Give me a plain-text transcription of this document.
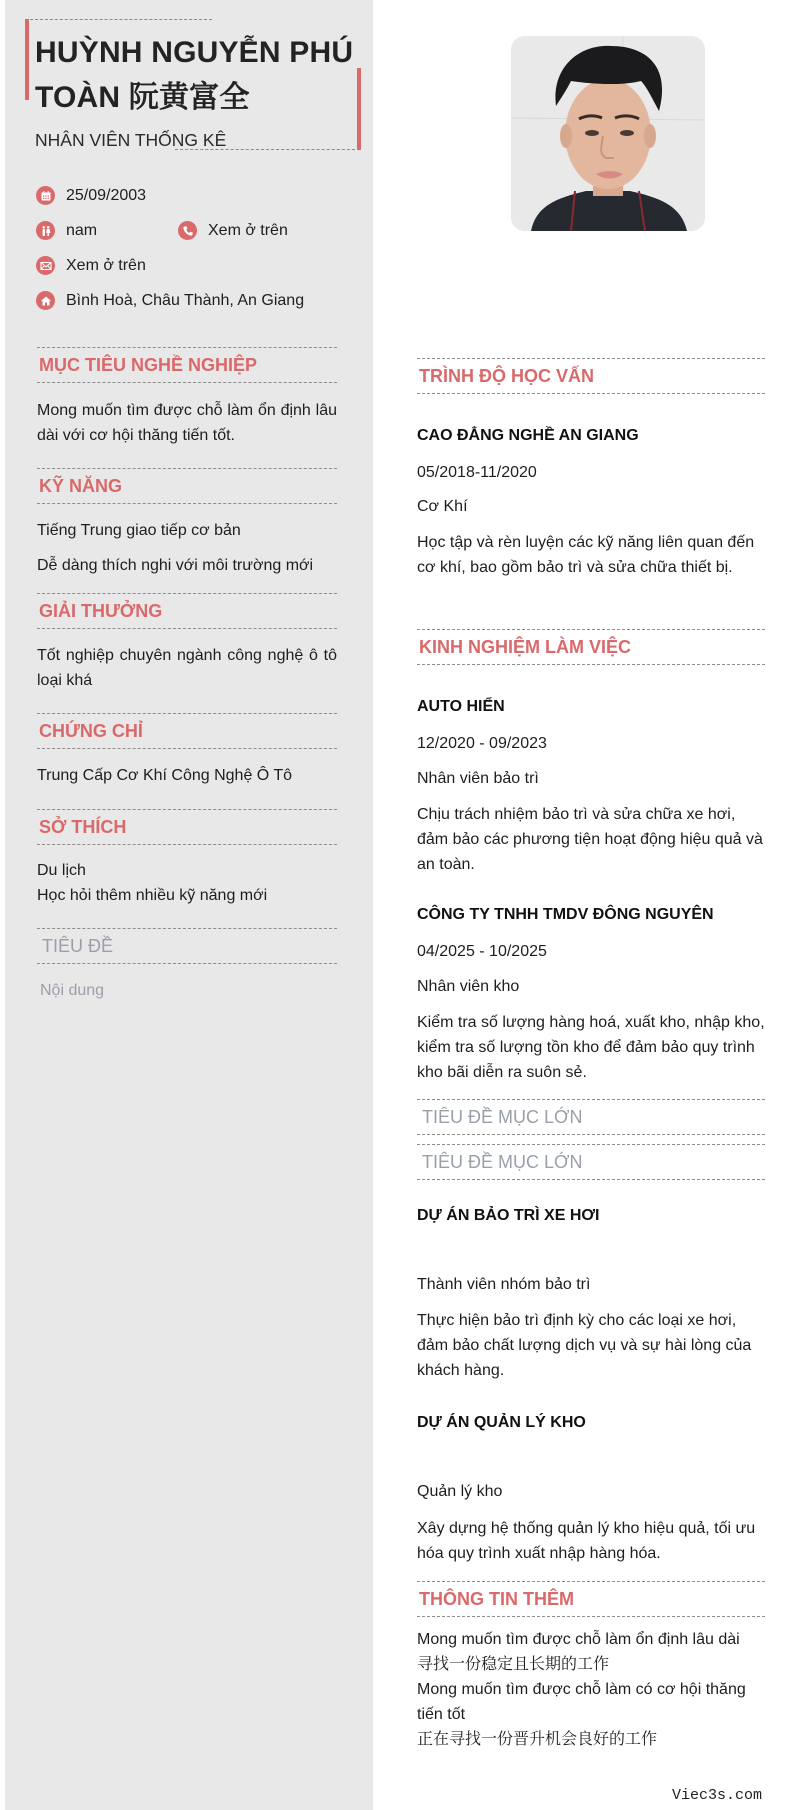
HUỲNH NGUYỄN PHÚ TOÀN 阮黄富全
NHÂN VIÊN THỐNG KÊ
25/09/2003
nam	Xem ở trên
Xem ở trên
Bình Hoà, Châu Thành, An Giang
MỤC TIÊU NGHỀ NGHIỆP
Mong muốn tìm được chỗ làm ổn định lâu dài với cơ hội thăng tiến tốt.
KỸ NĂNG
Tiếng Trung giao tiếp cơ bản
Dễ dàng thích nghi với môi trường mới
GIẢI THƯỞNG
Tốt nghiệp chuyên ngành công nghệ ô tô loại khá
CHỨNG CHỈ
Trung Cấp Cơ Khí Công Nghệ Ô Tô
SỞ THÍCH
Du lịch
Học hỏi thêm nhiều kỹ năng mới
TIÊU ĐỀ
Nội dung
TRÌNH ĐỘ HỌC VẤN
CAO ĐẲNG NGHỀ AN GIANG
05/2018-11/2020
Cơ Khí
Học tập và rèn luyện các kỹ năng liên quan đến cơ khí, bao gồm bảo trì và sửa chữa thiết bị.
KINH NGHIỆM LÀM VIỆC
AUTO HIỂN
12/2020 - 09/2023
Nhân viên bảo trì
Chịu trách nhiệm bảo trì và sửa chữa xe hơi, đảm bảo các phương tiện hoạt động hiệu quả và an toàn.
CÔNG TY TNHH TMDV ĐÔNG NGUYÊN
04/2025 - 10/2025
Nhân viên kho
Kiểm tra số lượng hàng hoá, xuất kho, nhập kho, kiểm tra số lượng tồn kho để đảm bảo quy trình kho bãi diễn ra suôn sẻ.
TIÊU ĐỀ MỤC LỚN
TIÊU ĐỀ MỤC LỚN
DỰ ÁN BẢO TRÌ XE HƠI
Thành viên nhóm bảo trì
Thực hiện bảo trì định kỳ cho các loại xe hơi, đảm bảo chất lượng dịch vụ và sự hài lòng của khách hàng.
DỰ ÁN QUẢN LÝ KHO
Quản lý kho
Xây dựng hệ thống quản lý kho hiệu quả, tối ưu hóa quy trình xuất nhập hàng hóa.
THÔNG TIN THÊM
Mong muốn tìm được chỗ làm ổn định lâu dài
寻找一份稳定且长期的工作
Mong muốn tìm được chỗ làm có cơ hội thăng tiến tốt
正在寻找一份晋升机会良好的工作
Viec3s.com
